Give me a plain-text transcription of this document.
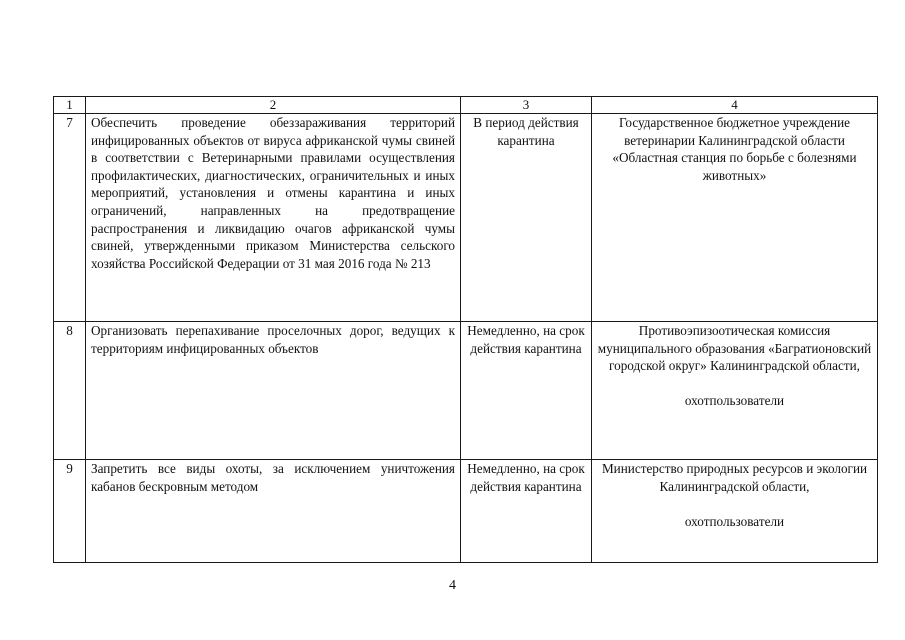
1	2	3	4
7	Обеспечить проведение обеззараживания территорий инфицированных объектов от вируса африканской чумы свиней в соответствии с Ветеринарными правилами осуществления профилактических, диагностических, ограничительных и иных мероприятий, установления и отмены карантина и иных ограничений, направленных на предотвращение распространения и ликвидацию очагов африканской чумы свиней, утвержденными приказом Министерства сельского хозяйства Российской Федерации от 31 мая 2016 года № 213	В период действия карантина	Государственное бюджетное учреждение ветеринарии Калининградской области «Областная станция по борьбе с болезнями животных»
8	Организовать перепахивание проселочных дорог, ведущих к территориям инфицированных объектов	Немедленно, на срок действия карантина	Противоэпизоотическая комиссия муниципального образования «Багратионовский городской округ» Калининградской области,
охотпользователи
9	Запретить все виды охоты, за исключением уничтожения кабанов бескровным методом	Немедленно, на срок действия карантина	Министерство природных ресурсов и экологии Калининградской области,
охотпользователи
4
